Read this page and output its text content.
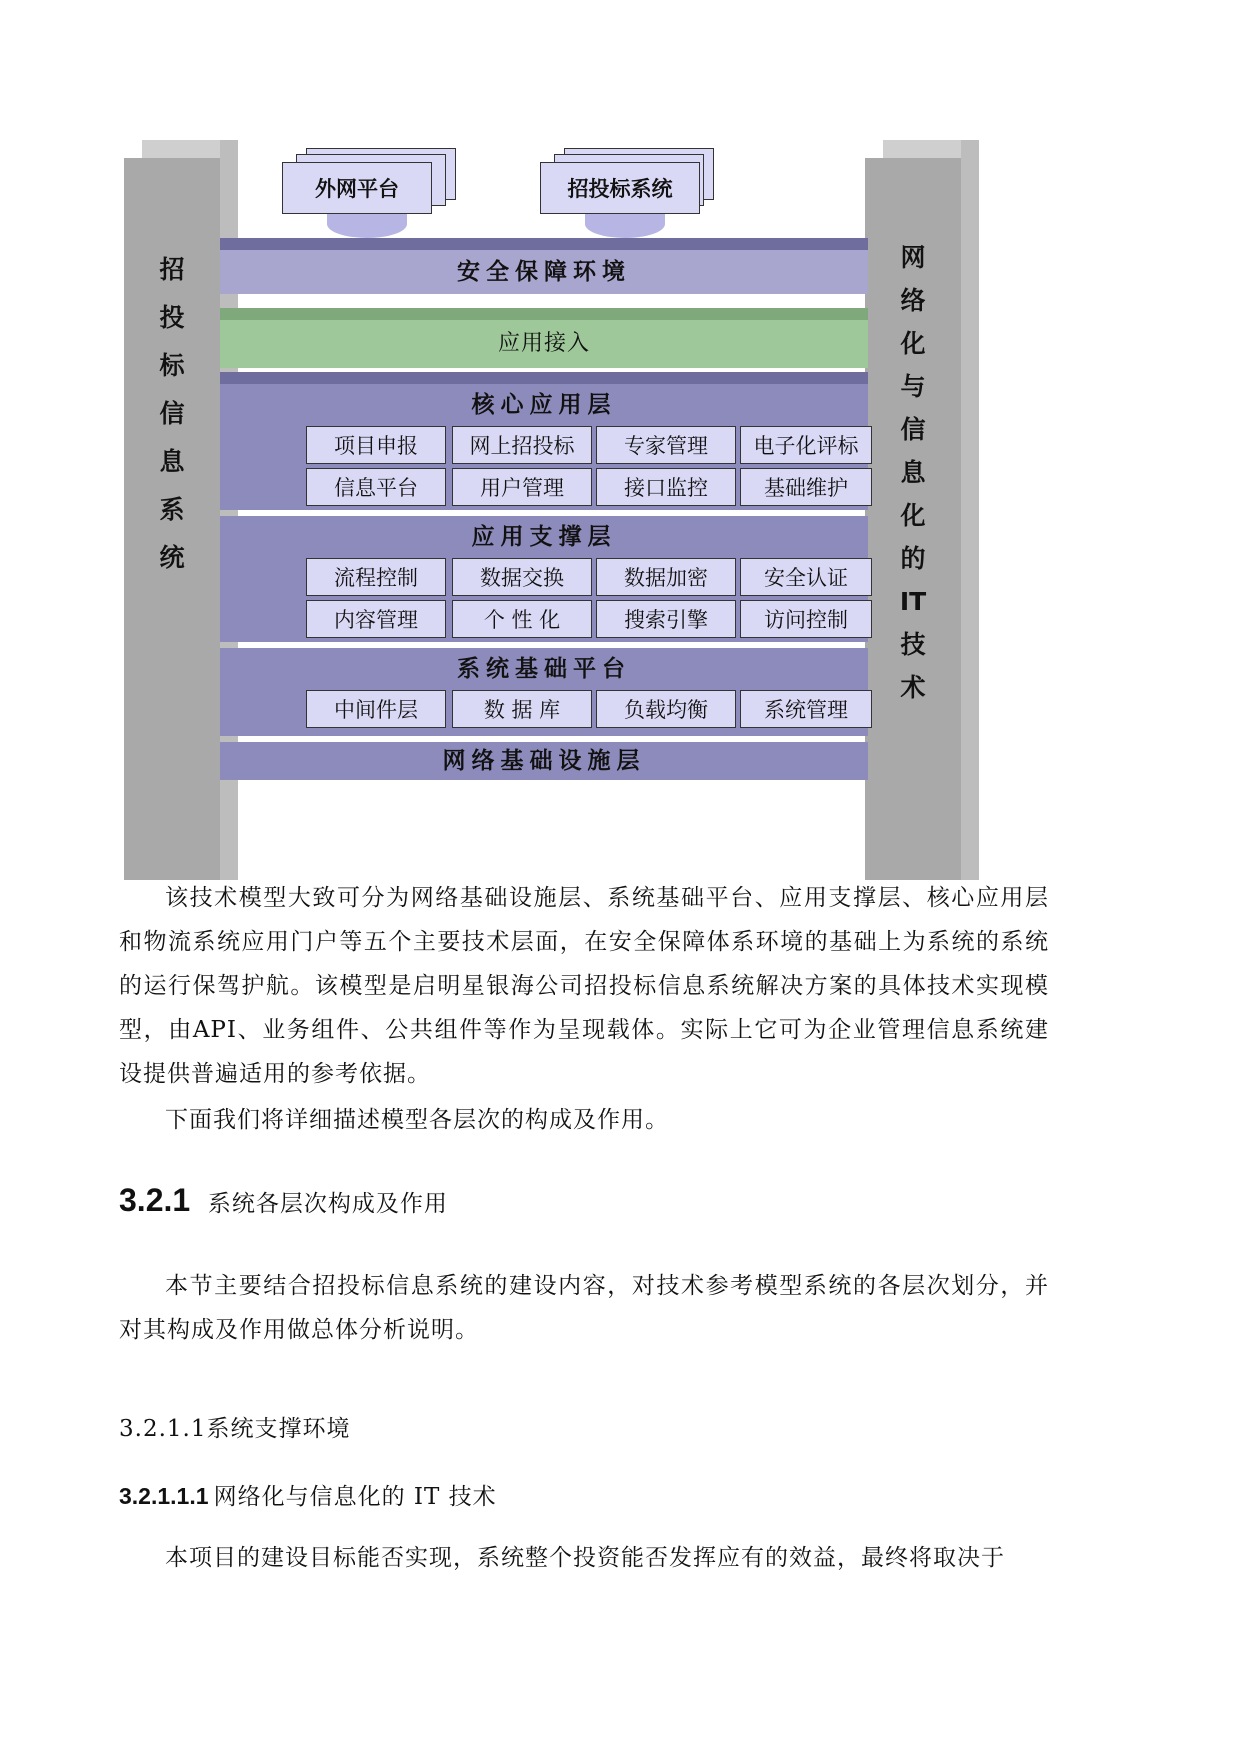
招
投
标
信
息
系
统
网
络
化
与
信
息
化
的
IT
技
术
外网平台	招投标系统
安全保障环境
应用接入
核心应用层
项目申报	网上招投标	专家管理	电子化评标
信息平台	用户管理	接口监控	基础维护
应用支撑层
流程控制	数据交换	数据加密	安全认证
内容管理	个 性 化	搜索引擎	访问控制
系统基础平台
中间件层	数 据 库	负载均衡	系统管理
网络基础设施层

该技术模型大致可分为网络基础设施层、系统基础平台、应用支撑层、核心应用层和物流系统应用门户等五个主要技术层面，在安全保障体系环境的基础上为系统的系统的运行保驾护航。该模型是启明星银海公司招投标信息系统解决方案的具体技术实现模型，由API、业务组件、公共组件等作为呈现载体。实际上它可为企业管理信息系统建设提供普遍适用的参考依据。

下面我们将详细描述模型各层次的构成及作用。

3.2.1 系统各层次构成及作用

本节主要结合招投标信息系统的建设内容，对技术参考模型系统的各层次划分，并对其构成及作用做总体分析说明。

3.2.1.1系统支撑环境
3.2.1.1.1 网络化与信息化的 IT 技术

本项目的建设目标能否实现，系统整个投资能否发挥应有的效益，最终将取决于
